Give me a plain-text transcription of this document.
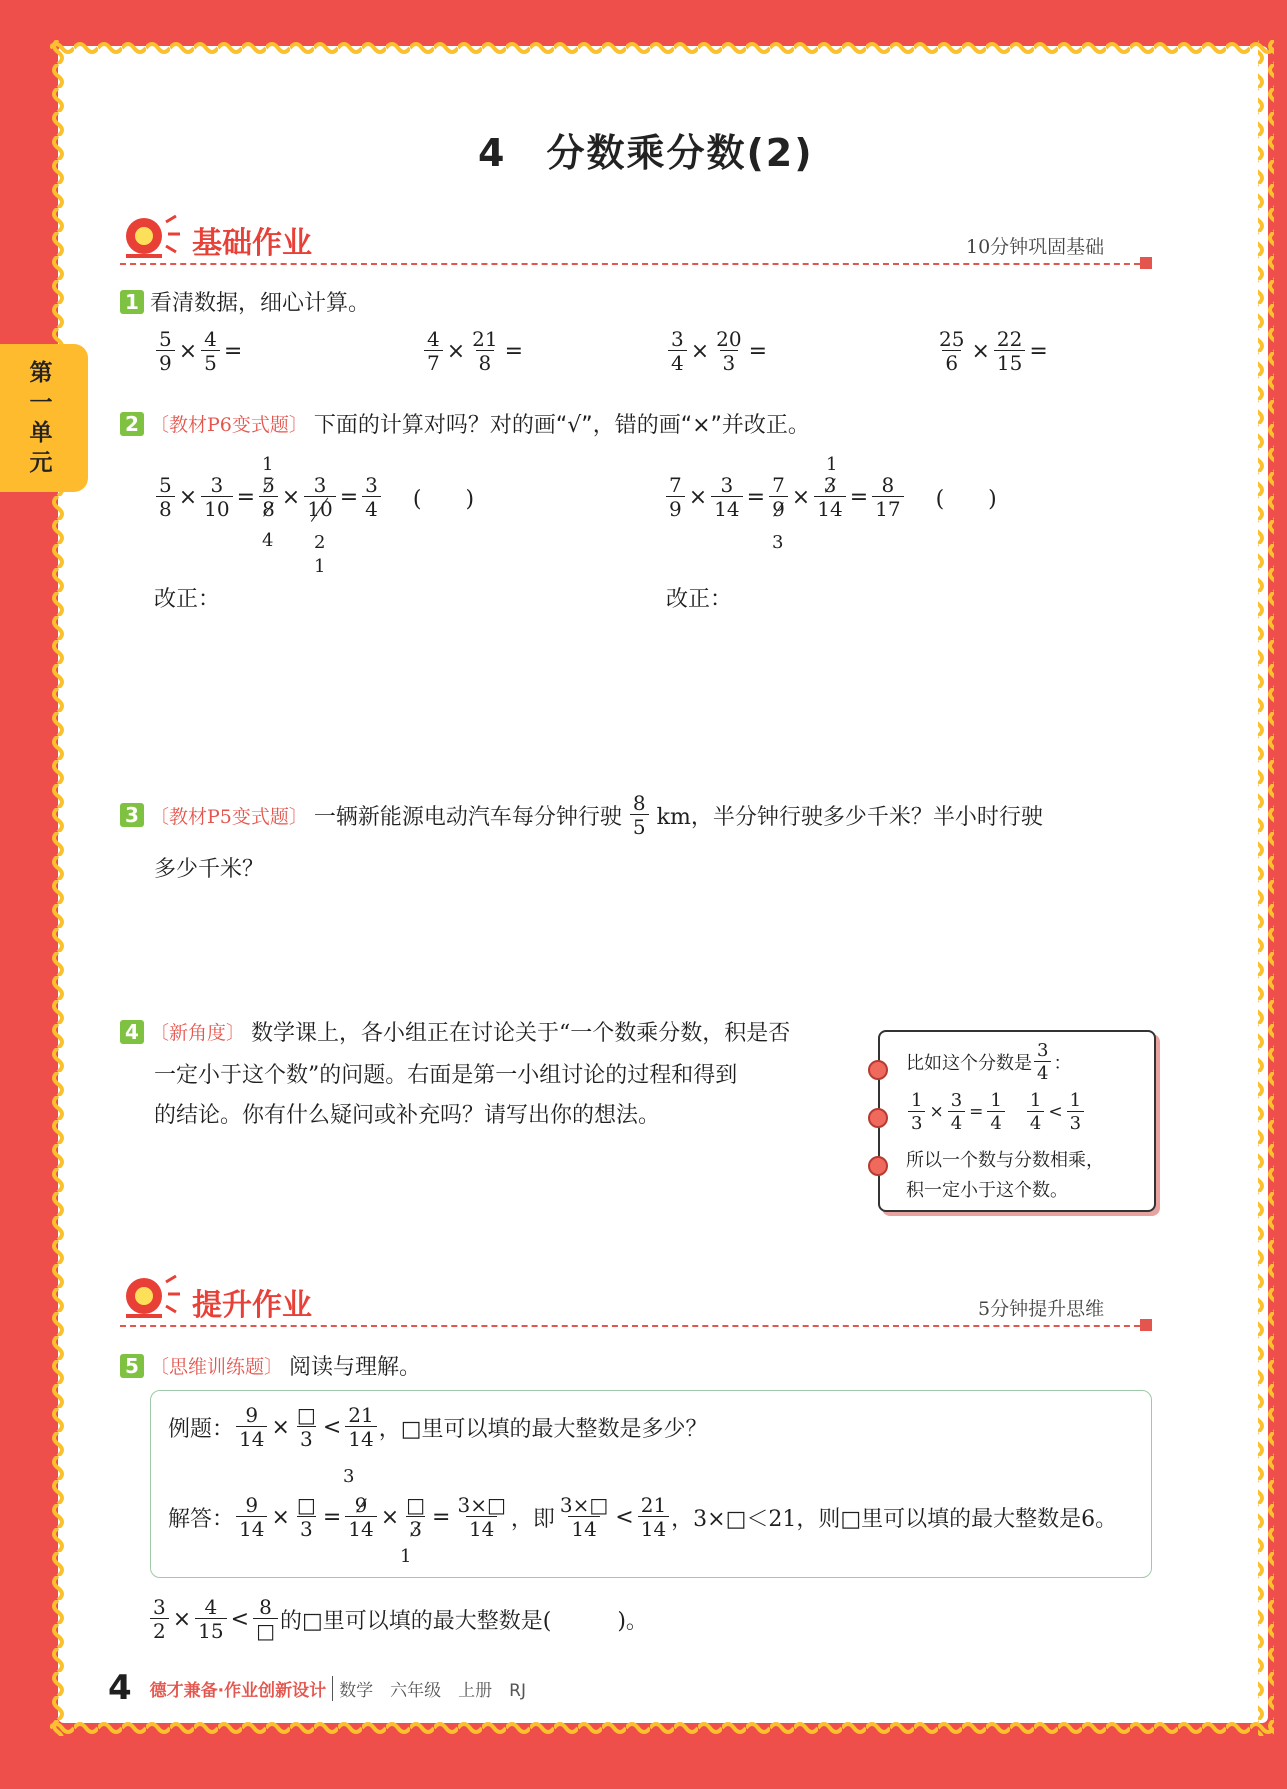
第
一
单
元
4　分数乘分数(2)
基础作业	10分钟巩固基础
1 看清数据，细心计算。
$\frac{5}{9} \times \frac{4}{5}$ =	$\frac{4}{7} \times \frac{21}{8}$ =	$\frac{3}{4} \times \frac{20}{3}$ =	$\frac{25}{6} \times \frac{22}{15}$ =
2 〔教材P6变式题〕 下面的计算对吗？对的画“√”，错的画“×”并改正。
$\frac{5}{8} \times \frac{3}{10} = \frac{5}{8} \times \frac{3}{10} = \frac{3}{4}$ (　　)
1
4 2
1
改正：
$\frac{7}{9} \times \frac{3}{14} = \frac{7}{9} \times \frac{3}{14} = \frac{8}{17}$ (　　)
1
3
改正：
3 〔教材P5变式题〕 一辆新能源电动汽车每分钟行驶
8
5 km，半分钟行驶多少千米？半小时行驶
多少千米？
4 〔新角度〕 数学课上，各小组正在讨论关于“一个数乘分数，积是否
一定小于这个数”的问题。右面是第一小组讨论的过程和得到
的结论。你有什么疑问或补充吗？请写出你的想法。
比如这个分数是
3
4 ：
$\frac{1}{3} \times \frac{3}{4} = \frac{1}{4} 1$
4
<
1
3
所以一个数与分数相乘，
积一定小于这个数。
提升作业	5分钟提升思维
5 〔思维训练题〕 阅读与理解。
例题： $\frac{9}{14}$ × □
3 < 21
14 ，□里可以填的最大整数是多少？
解答： $\frac{9}{14}$ × □
$3 = \frac{9}{14}$ × □
$3 = \frac{3\times□}{14}$ ，即
3×□
14 < 21
14 ，3×□＜21，则□里可以填的最大整数是6。
3
1
$\frac{3}{2} \times \frac{4}{15} < 8$
□ 的□里可以填的最大整数是(　　　)。
4 德才兼备·作业创新设计 数学　六年级　上册　RJ
